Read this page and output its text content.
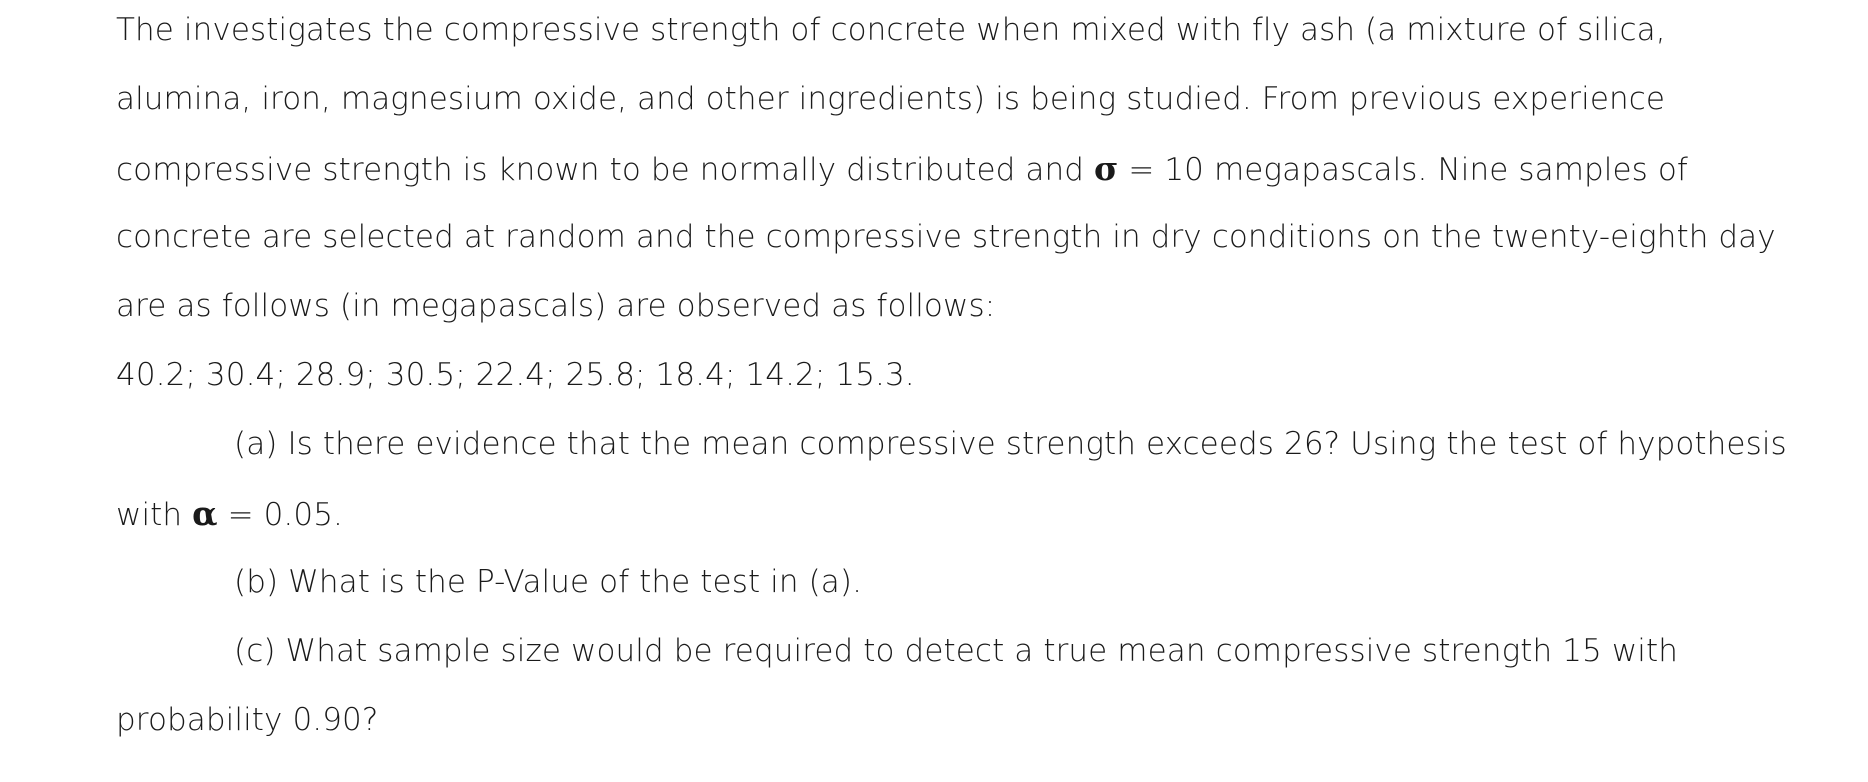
The investigates the compressive strength of concrete when mixed with fly ash (a mixture of silica,
alumina, iron, magnesium oxide, and other ingredients) is being studied. From previous experience
compressive strength is known to be normally distributed and σ = 10 megapascals. Nine samples of
concrete are selected at random and the compressive strength in dry conditions on the twenty-eighth day
are as follows (in megapascals) are observed as follows:
40.2; 30.4; 28.9; 30.5; 22.4; 25.8; 18.4; 14.2; 15.3.
(a) Is there evidence that the mean compressive strength exceeds 26? Using the test of hypothesis
with α = 0.05.
(b) What is the P-Value of the test in (a).
(c) What sample size would be required to detect a true mean compressive strength 15 with
probability 0.90?
